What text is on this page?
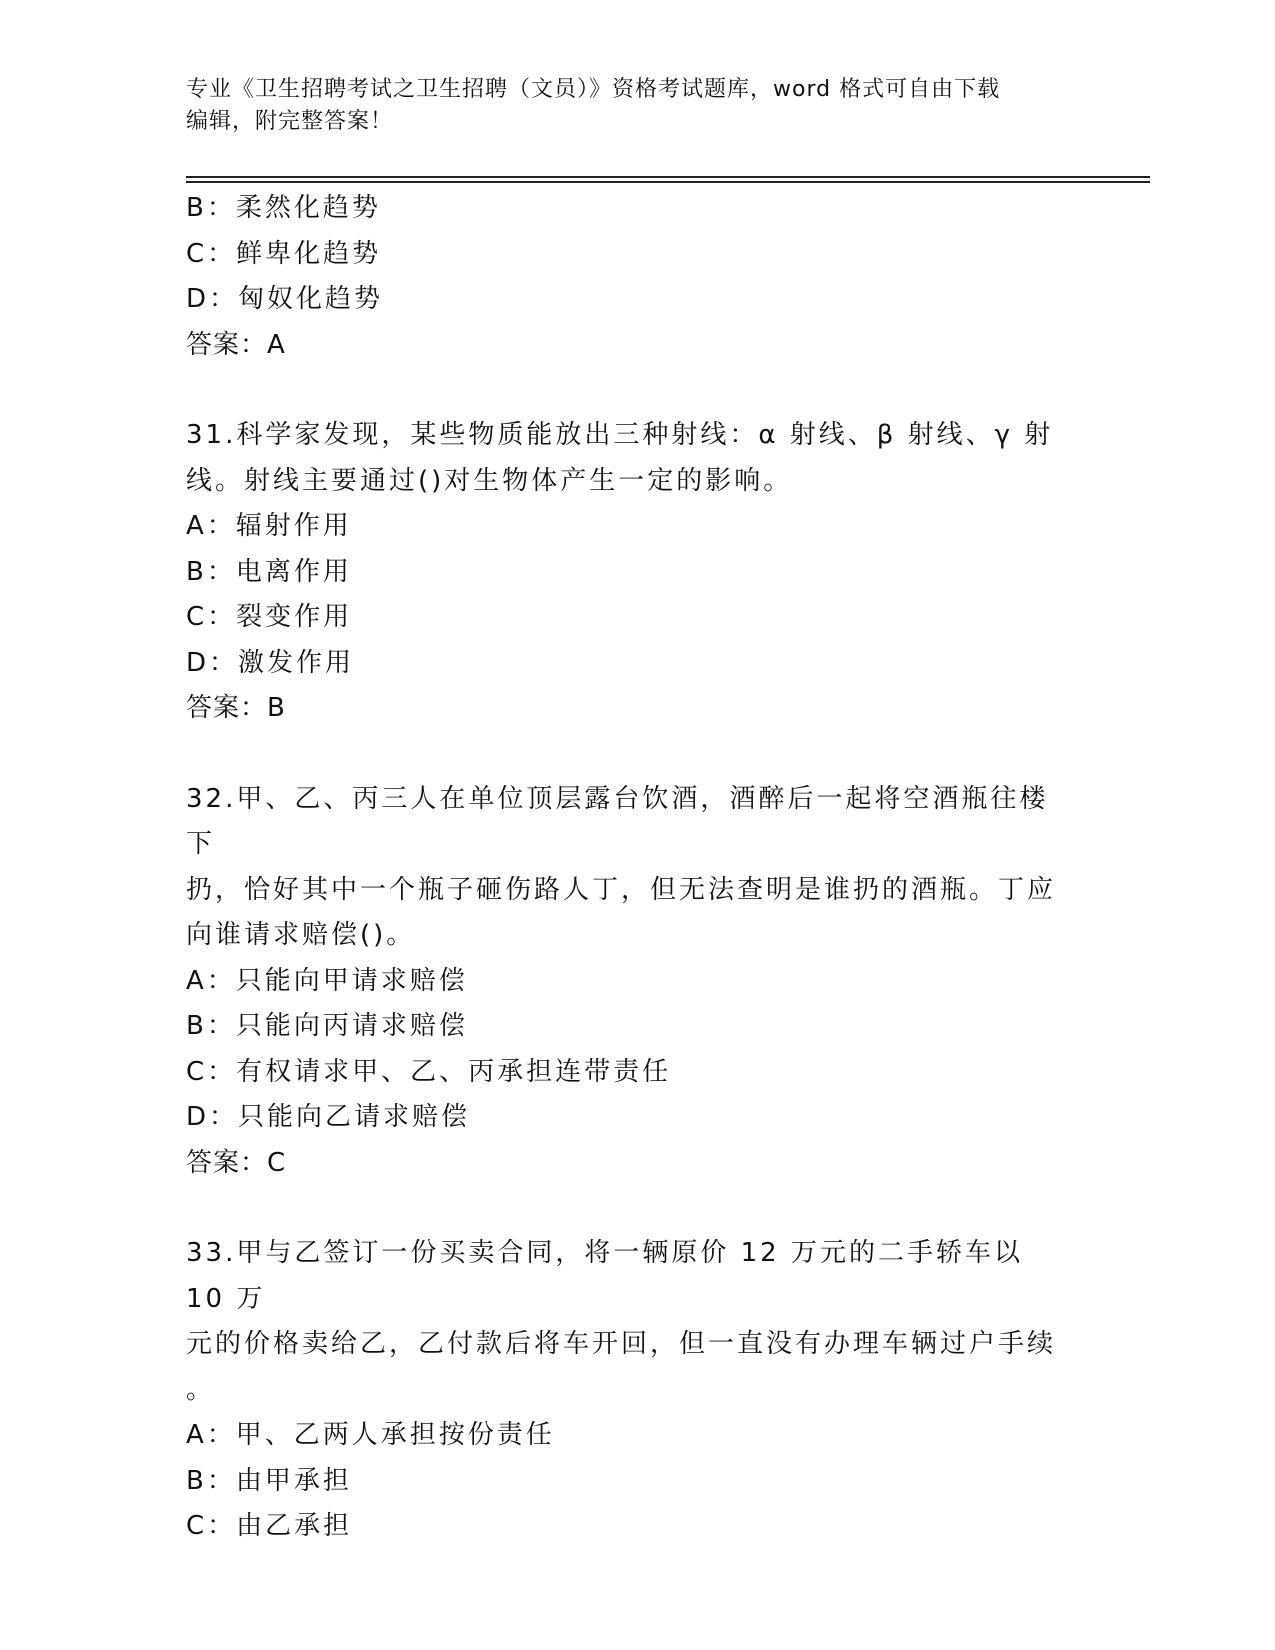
专业《卫生招聘考试之卫生招聘（文员）》资格考试题库，word 格式可自由下载
编辑，附完整答案！
B：柔然化趋势
C：鲜卑化趋势
D：匈奴化趋势
答案：A
31.科学家发现，某些物质能放出三种射线：α 射线、β 射线、γ 射
线。射线主要通过()对生物体产生一定的影响。
A：辐射作用
B：电离作用
C：裂变作用
D：激发作用
答案：B
32.甲、乙、丙三人在单位顶层露台饮酒，酒醉后一起将空酒瓶往楼下
扔，恰好其中一个瓶子砸伤路人丁，但无法查明是谁扔的酒瓶。丁应
向谁请求赔偿()。
A：只能向甲请求赔偿
B：只能向丙请求赔偿
C：有权请求甲、乙、丙承担连带责任
D：只能向乙请求赔偿
答案：C
33.甲与乙签订一份买卖合同，将一辆原价 12 万元的二手轿车以 10 万
元的价格卖给乙，乙付款后将车开回，但一直没有办理车辆过户手续
。
A：甲、乙两人承担按份责任
B：由甲承担
C：由乙承担
